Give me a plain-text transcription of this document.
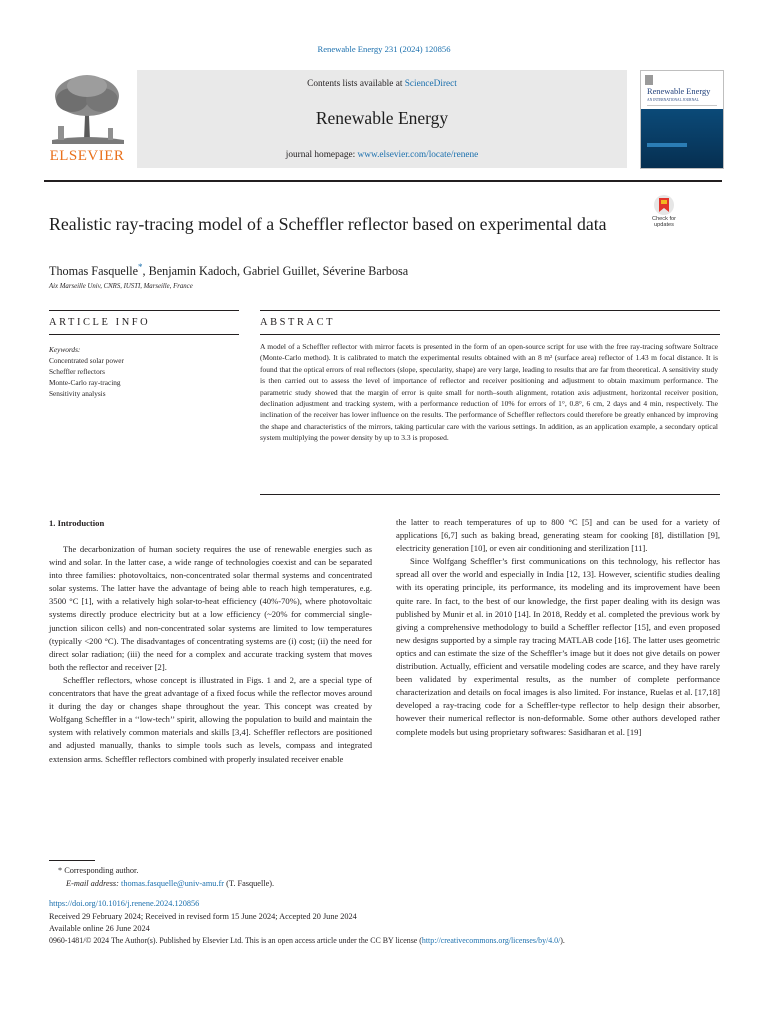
Renewable Energy 231 (2024) 120856
ELSEVIER
Contents lists available at ScienceDirect
Renewable Energy
journal homepage: www.elsevier.com/locate/renene
Renewable Energy
AN INTERNATIONAL JOURNAL
Realistic ray-tracing model of a Scheffler reflector based on experimental data	Check for
updates
Thomas Fasquelle*, Benjamin Kadoch, Gabriel Guillet, Séverine Barbosa
Aix Marseille Univ, CNRS, IUSTI, Marseille, France
ARTICLE INFO	ABSTRACT
Keywords:
Concentrated solar power
Scheffler reflectors
Monte-Carlo ray-tracing
Sensitivity analysis
A model of a Scheffler reflector with mirror facets is presented in the form of an open-source script for use with the free ray-tracing software Soltrace (Monte-Carlo method). It is calibrated to match the experimental results obtained with an 8 m² (surface area) reflector of 1.43 m focal distance. It is found that the optical errors of real reflectors (slope, specularity, shape) are very large, leading to results that are far from theoretical. A sensitivity study is then carried out to assess the level of importance of reflector and receiver positioning and adjustment to obtain maximum performance. The parametric study showed that the margin of error is quite small for north–south alignment, rotation axis adjustment, horizontal receiver position, declination adjustment and tracking system, with a performance reduction of 10% for errors of 1°, 0.8°, 6 cm, 2 days and 4 min, respectively. The inclination of the receiver has lower influence on the results. The performance of Scheffler reflectors could therefore be greatly enhanced by improving the shape and characteristics of the mirrors, taking particular care with the various settings. In addition, as an application example, a secondary optical system multiplying the power density by up to 3.3 is proposed.
1. Introduction

The decarbonization of human society requires the use of renewable energies such as wind and solar. In the latter case, a wide range of technologies coexist and can be separated into three families: photovoltaics, non-concentrated solar thermal systems and concentrated solar systems. The latter have the advantage of being able to reach high temperatures, e.g. 3500 °C [1], with a relatively high solar-to-heat efficiency (40%-70%), where photovoltaic systems directly produce electricity but at a low efficiency (~20% for commercial single-junction silicon cells) and non-concentrated solar systems are limited to low temperatures (typically <200 °C). The disadvantages of concentrating systems are (i) cost; (ii) the need for direct solar radiation; (iii) the need for a complex and accurate tracking system that moves both the reflector and receiver [2].

Scheffler reflectors, whose concept is illustrated in Figs. 1 and 2, are a special type of concentrators that have the great advantage of a fixed focus while the reflector moves around it during the day or changes shape throughout the year. This concept was created by Wolfgang Scheffler in a ‘‘low-tech’’ spirit, allowing the population to build and maintain the system with relatively common materials and skills [3,4]. Scheffler reflectors are positioned and adjusted manually, thanks to simple tools such as levels, compass and integrated extension arms. Scheffler reflectors combined with properly insulated receiver enable

the latter to reach temperatures of up to 800 °C [5] and can be used for a variety of applications [6,7] such as baking bread, generating steam for cooking [8], distillation [9], electricity generation [10], or even air conditioning and sterilization [11].

Since Wolfgang Scheffler’s first communications on this technology, his reflector has spread all over the world and especially in India [12, 13]. However, scientific studies dealing with its operating principle, its performance, its modeling and its improvement have been quite rare. In fact, to the best of our knowledge, the first paper dealing with its design was published by Munir et al. in 2010 [14]. In 2018, Reddy et al. completed the previous work by giving a comprehensive methodology to build a Scheffler reflector [15], and even proposed new designs supported by a simple ray tracing MATLAB code [16]. The latter uses geometric optics and can estimate the size of the Scheffler’s image but it does not give details on power distribution. Actually, efficient and versatile modeling codes are scarce, and they have rarely been validated by experimental results, as the number of complete performance characterization and details on focal images is also limited. For instance, Ruelas et al. [17,18] developed a ray-tracing code for a Scheffler-type reflector to help design their absorber, however their numerical reflector is non-deformable. Some other authors developed rather complete models but using proprietary softwares: Sasidharan et al. [19]

* Corresponding author.
E-mail address: thomas.fasquelle@univ-amu.fr (T. Fasquelle).
https://doi.org/10.1016/j.renene.2024.120856
Received 29 February 2024; Received in revised form 15 June 2024; Accepted 20 June 2024
Available online 26 June 2024
0960-1481/© 2024 The Author(s). Published by Elsevier Ltd. This is an open access article under the CC BY license (http://creativecommons.org/licenses/by/4.0/).
